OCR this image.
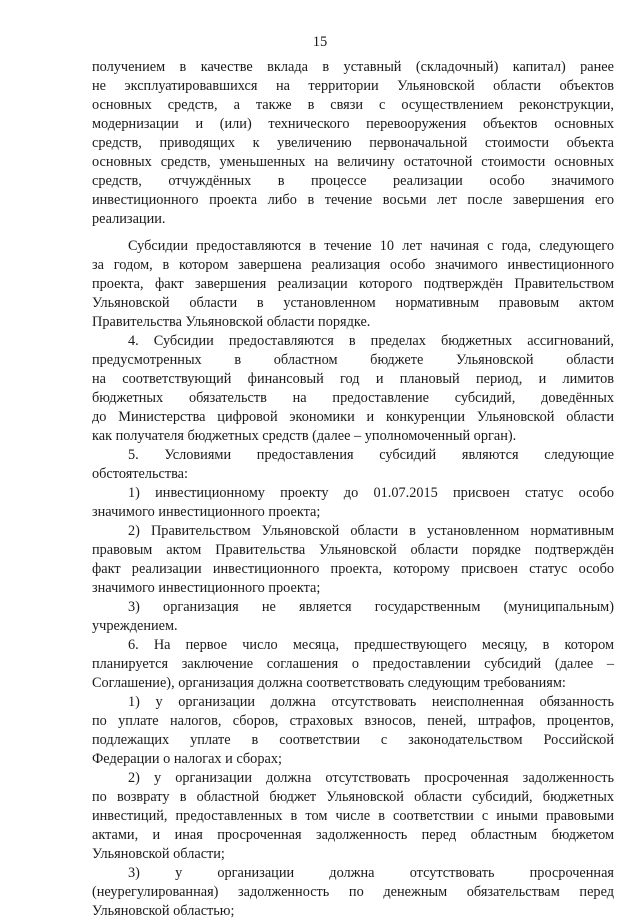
15
получением в качестве вклада в уставный (складочный) капитал) ранее
не эксплуатировавшихся на территории Ульяновской области объектов
основных средств, а также в связи с осуществлением реконструкции,
модернизации и (или) технического перевооружения объектов основных
средств, приводящих к увеличению первоначальной стоимости объекта
основных средств, уменьшенных на величину остаточной стоимости основных
средств, отчуждённых в процессе реализации особо значимого
инвестиционного проекта либо в течение восьми лет после завершения его
реализации.
Субсидии предоставляются в течение 10 лет начиная с года, следующего
за годом, в котором завершена реализация особо значимого инвестиционного
проекта, факт завершения реализации которого подтверждён Правительством
Ульяновской области в установленном нормативным правовым актом
Правительства Ульяновской области порядке.
4. Субсидии предоставляются в пределах бюджетных ассигнований,
предусмотренных в областном бюджете Ульяновской области
на соответствующий финансовый год и плановый период, и лимитов
бюджетных обязательств на предоставление субсидий, доведённых
до Министерства цифровой экономики и конкуренции Ульяновской области
как получателя бюджетных средств (далее – уполномоченный орган).
5. Условиями предоставления субсидий являются следующие
обстоятельства:
1) инвестиционному проекту до 01.07.2015 присвоен статус особо
значимого инвестиционного проекта;
2) Правительством Ульяновской области в установленном нормативным
правовым актом Правительства Ульяновской области порядке подтверждён
факт реализации инвестиционного проекта, которому присвоен статус особо
значимого инвестиционного проекта;
3) организация не является государственным (муниципальным)
учреждением.
6. На первое число месяца, предшествующего месяцу, в котором
планируется заключение соглашения о предоставлении субсидий (далее –
Соглашение), организация должна соответствовать следующим требованиям:
1) у организации должна отсутствовать неисполненная обязанность
по уплате налогов, сборов, страховых взносов, пеней, штрафов, процентов,
подлежащих уплате в соответствии с законодательством Российской
Федерации о налогах и сборах;
2) у организации должна отсутствовать просроченная задолженность
по возврату в областной бюджет Ульяновской области субсидий, бюджетных
инвестиций, предоставленных в том числе в соответствии с иными правовыми
актами, и иная просроченная задолженность перед областным бюджетом
Ульяновской области;
3) у организации должна отсутствовать просроченная
(неурегулированная) задолженность по денежным обязательствам перед
Ульяновской областью;
